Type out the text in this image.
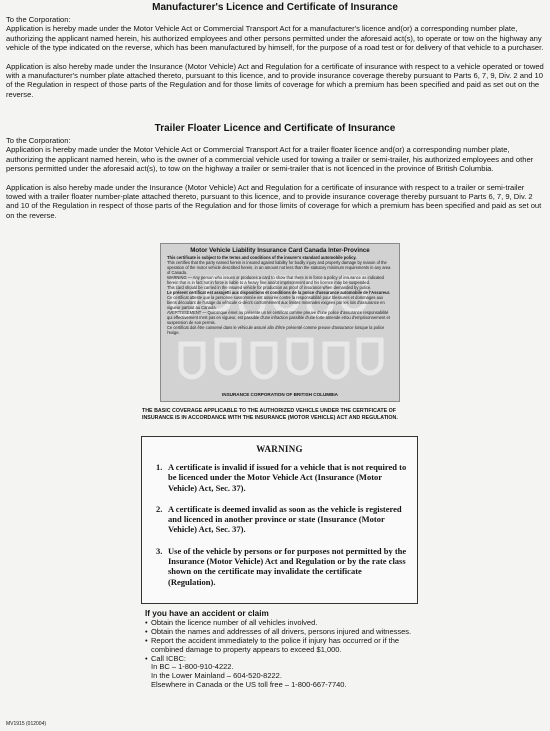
Manufacturer's Licence and Certificate of Insurance

To the Corporation:

Application is hereby made under the Motor Vehicle Act or Commercial Transport Act for a manufacturer's licence and(or) a corresponding number plate, authorizing the applicant named herein, his authorized employees and other persons permitted under the aforesaid act(s), to operate or tow on the highway any vehicle of the type indicated on the reverse, which has been manufactured by himself, for the purpose of a road test or for delivery of that vehicle to a purchaser.

Application is also hereby made under the Insurance (Motor Vehicle) Act and Regulation for a certificate of insurance with respect to a vehicle operated or towed with a manufacturer's number plate attached thereto, pursuant to this licence, and to provide insurance coverage thereby pursuant to Parts 6, 7, 9, Div. 2 and 10 of the Regulation in respect of those parts of the Regulation and for those limits of coverage for which a premium has been specified and paid as set out on the reverse.

Trailer Floater Licence and Certificate of Insurance

To the Corporation:

Application is hereby made under the Motor Vehicle Act or Commercial Transport Act for a trailer floater licence and(or) a corresponding number plate, authorizing the applicant named herein, who is the owner of a commercial vehicle used for towing a trailer or semi-trailer, his authorized employees and other persons permitted under the aforesaid act(s), to tow on the highway a trailer or semi-trailer that is not licenced in the province of British Columbia.

Application is also hereby made under the Insurance (Motor Vehicle) Act and Regulation for a certificate of insurance with respect to a trailer or semi-trailer towed with a trailer floater number-plate attached thereto, pursuant to this licence, and to provide insurance coverage thereby pursuant to Parts 6, 7, 9, Div. 2 and 10 of the Regulation in respect of those parts of the Regulation and for those limits of coverage for which a premium has been specified and paid as set out on the reverse.

Motor Vehicle Liability Insurance Card Canada Inter-Province

This certificate is subject to the terms and conditions of the insurer's standard automobile policy.

This certifies that the party named herein is insured against liability for bodily injury and property damage by reason of the operation of the motor vehicle described herein, in an amount not less than the statutory minimum requirements in any area of Canada.

WARNING — Any person who issues or produces a card to show that there is in force a policy of insurance as indicated herein that is in fact not in force is liable to a heavy fine and/or imprisonment and his licence may be suspended.

This card should be carried in the insured vehicle for production as proof of insurance when demanded by police.

Le présent certificat est assujetti aux dispositions et conditions de la police d'assurance automobile de l'Assureur.

Ce certificat atteste que la personne susnommée est assurée contre la responsabilité pour blessures et dommages aux biens découlant de l'usage du véhicule ci-décrit conformément aux limites minimales exigées par les lois d'assurance en vigueur partout au Canada.

AVERTISSEMENT — Quiconque émet ou présente un tel certificat comme preuve d'une police d'assurance responsabilité qui effectivement n'est pas en vigueur, est passible d'une infraction passible d'une forte amende et/ou d'emprisonnement et suspension de son permis.

Ce certificat doit être conservé dans le véhicule assuré afin d'être présenté comme preuve d'assurance lorsque la police l'exige.

INSURANCE CORPORATION OF BRITISH COLUMBIA
THE BASIC COVERAGE APPLICABLE TO THE AUTHORIZED VEHICLE UNDER THE CERTIFICATE OF INSURANCE IS IN ACCORDANCE WITH THE INSURANCE (MOTOR VEHICLE) ACT AND REGULATION.
WARNING
1. A certificate is invalid if issued for a vehicle that is not required to be licenced under the Motor Vehicle Act (Insurance (Motor Vehicle) Act, Sec. 37).
2. A certificate is deemed invalid as soon as the vehicle is registered and licenced in another province or state (Insurance (Motor Vehicle) Act, Sec. 37).
3. Use of the vehicle by persons or for purposes not permitted by the Insurance (Motor Vehicle) Act and Regulation or by the rate class shown on the certificate may invalidate the certificate (Regulation).
If you have an accident or claim
• Obtain the licence number of all vehicles involved.
• Obtain the names and addresses of all drivers, persons injured and witnesses.
• Report the accident immediately to the police if injury has occurred or if the combined damage to property appears to exceed $1,000.
• Call ICBC:
In BC – 1-800-910-4222.
In the Lower Mainland – 604-520-8222.
Elsewhere in Canada or the US toll free – 1-800-667-7740.
MV1915 (012004)
